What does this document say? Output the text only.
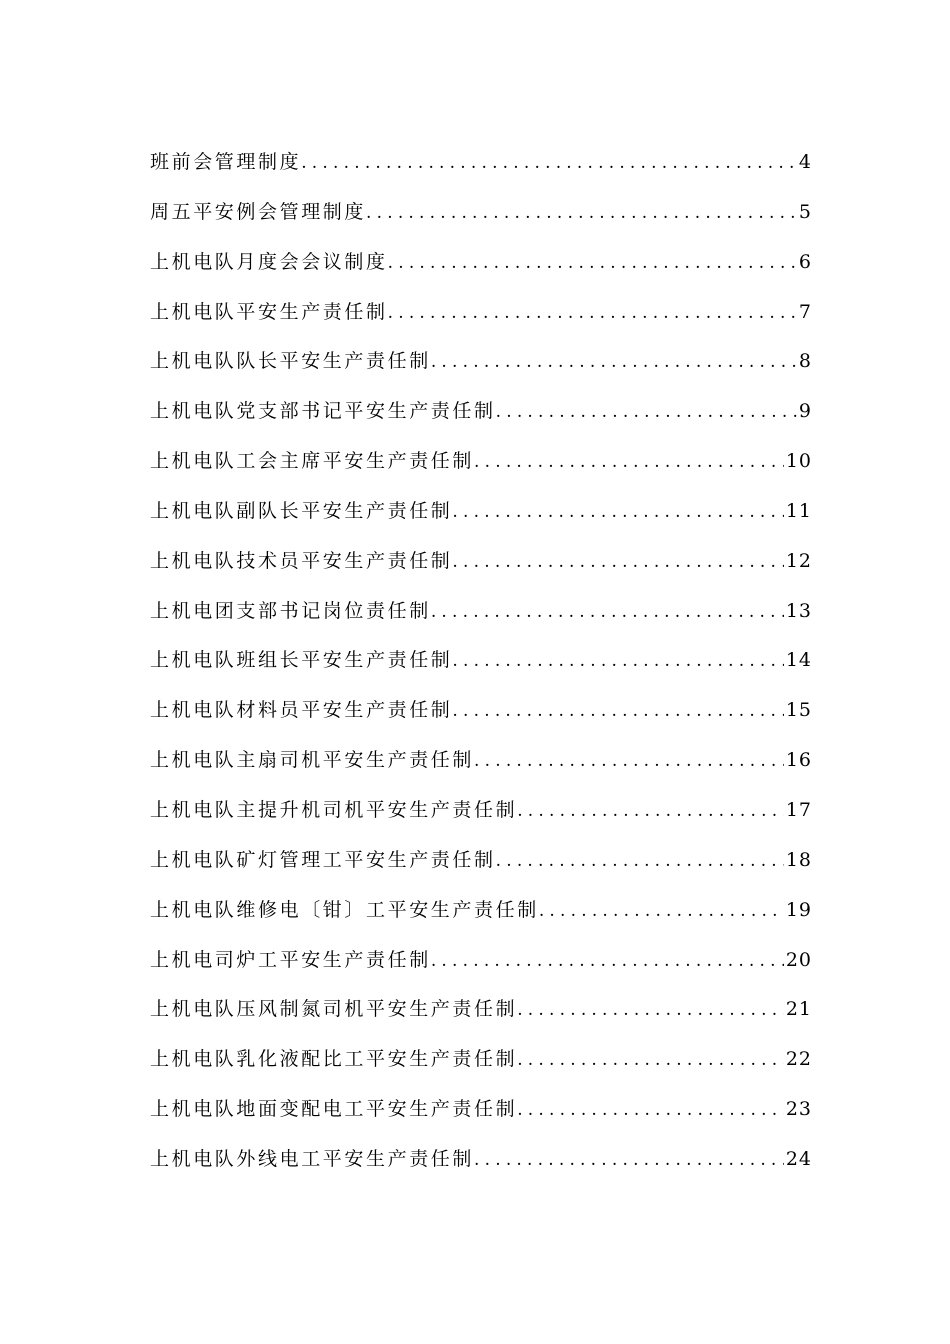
班前会管理制度 .....	4
周五平安例会管理制度 .....	5
上机电队月度会会议制度 .....	6
上机电队平安生产责任制 .....	7
上机电队队长平安生产责任制 .....	8
上机电队党支部书记平安生产责任制 .....	9
上机电队工会主席平安生产责任制 .....	10
上机电队副队长平安生产责任制 .....	11
上机电队技术员平安生产责任制 .....	12
上机电团支部书记岗位责任制 .....	13
上机电队班组长平安生产责任制 .....	14
上机电队材料员平安生产责任制 .....	15
上机电队主扇司机平安生产责任制 .....	16
上机电队主提升机司机平安生产责任制 .....	17
上机电队矿灯管理工平安生产责任制 .....	18
上机电队维修电〔钳〕工平安生产责任制 .....	19
上机电司炉工平安生产责任制 .....	20
上机电队压风制氮司机平安生产责任制 .....	21
上机电队乳化液配比工平安生产责任制 .....	22
上机电队地面变配电工平安生产责任制 .....	23
上机电队外线电工平安生产责任制 .....	24
